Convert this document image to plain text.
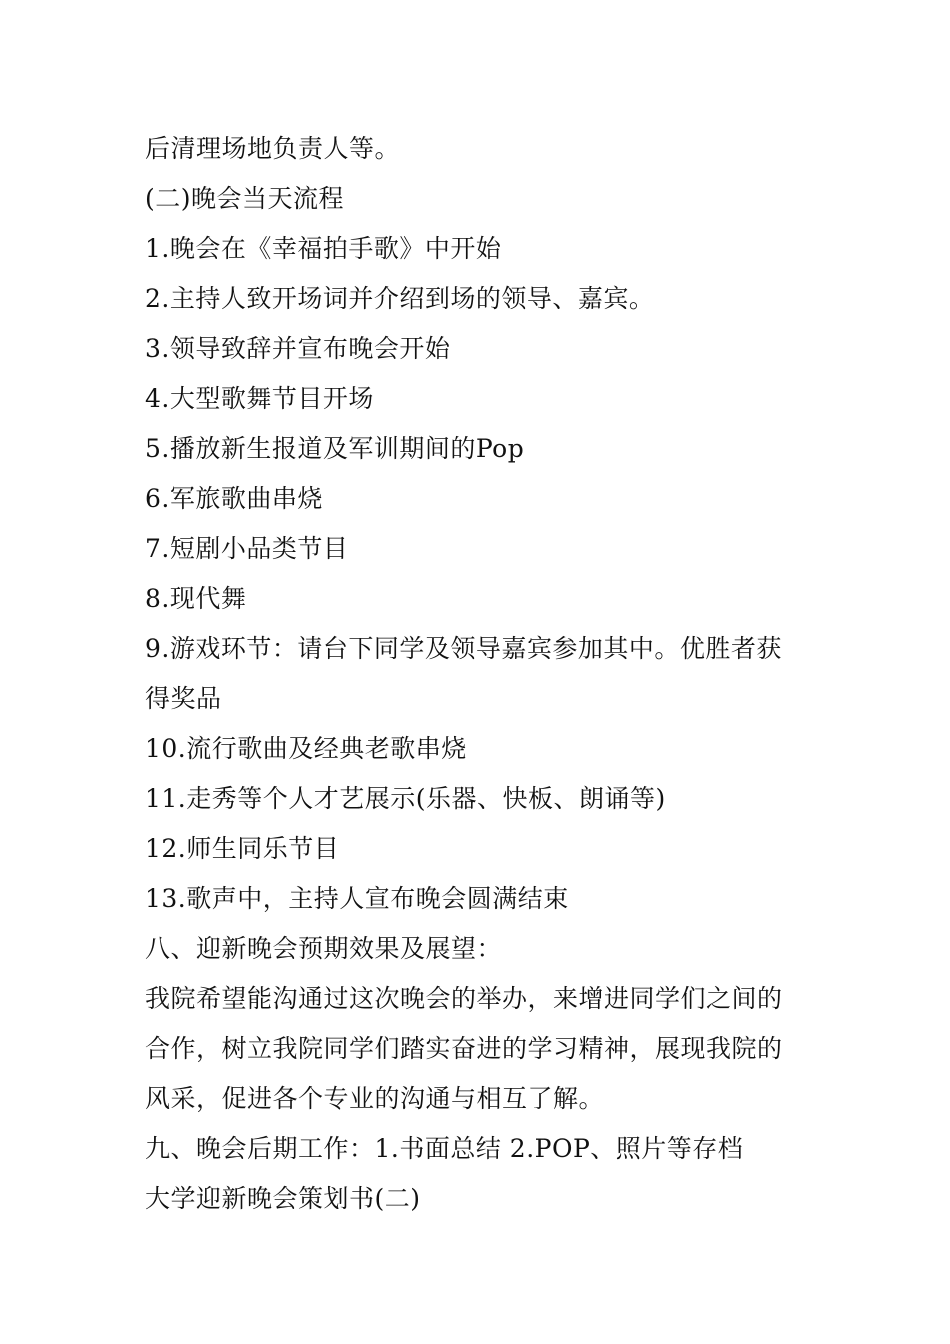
后清理场地负责人等。
(二)晚会当天流程
1.晚会在《幸福拍手歌》中开始
2.主持人致开场词并介绍到场的领导、嘉宾。
3.领导致辞并宣布晚会开始
4.大型歌舞节目开场
5.播放新生报道及军训期间的Pop
6.军旅歌曲串烧
7.短剧小品类节目
8.现代舞
9.游戏环节：请台下同学及领导嘉宾参加其中。优胜者获
得奖品
10.流行歌曲及经典老歌串烧
11.走秀等个人才艺展示(乐器、快板、朗诵等)
12.师生同乐节目
13.歌声中，主持人宣布晚会圆满结束
八、迎新晚会预期效果及展望：
我院希望能沟通过这次晚会的举办，来增进同学们之间的
合作，树立我院同学们踏实奋进的学习精神，展现我院的
风采，促进各个专业的沟通与相互了解。
九、晚会后期工作：1.书面总结 2.POP、照片等存档
大学迎新晚会策划书(二)
